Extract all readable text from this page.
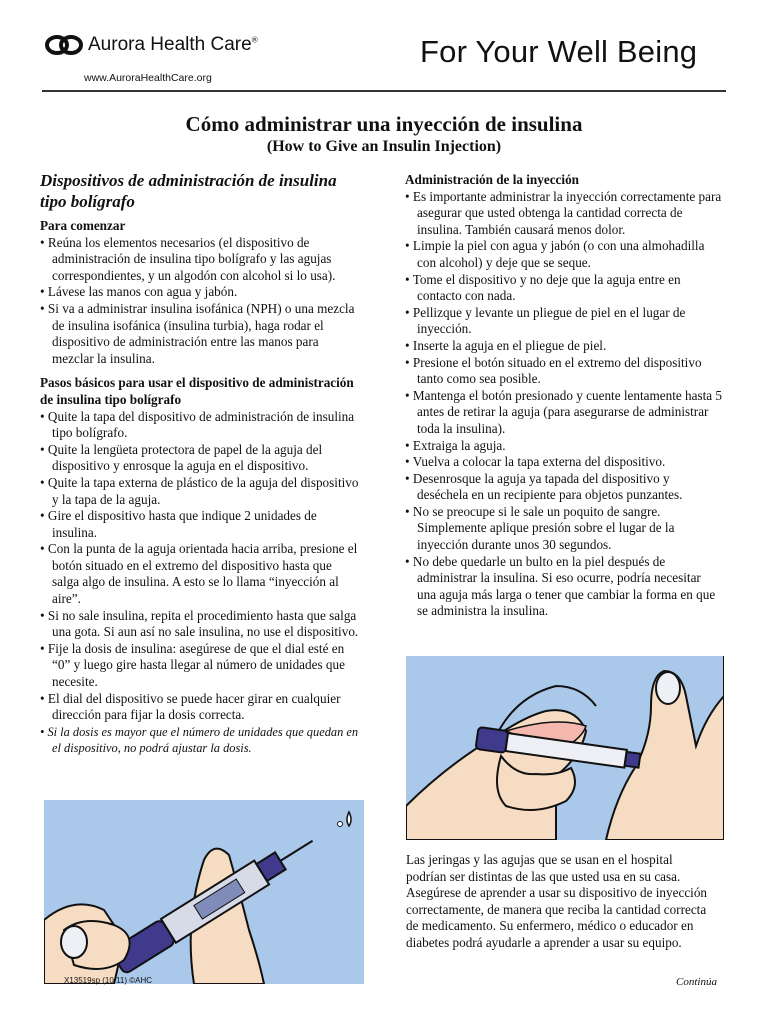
Aurora Health Care®
www.AuroraHealthCare.org
For Your Well Being
Cómo administrar una inyección de insulina
(How to Give an Insulin Injection)
Dispositivos de administración de insulina tipo bolígrafo
Para comenzar
• Reúna los elementos necesarios (el dispositivo de administración de insulina tipo bolígrafo y las agujas correspondientes, y un algodón con alcohol si lo usa).
• Lávese las manos con agua y jabón.
• Si va a administrar insulina isofánica (NPH) o una mezcla de insulina isofánica (insulina turbia), haga rodar el dispositivo de administración entre las manos para mezclar la insulina.
Pasos básicos para usar el dispositivo de administración de insulina tipo bolígrafo
• Quite la tapa del dispositivo de administración de insulina tipo bolígrafo.
• Quite la lengüeta protectora de papel de la aguja del dispositivo y enrosque la aguja en el dispositivo.
• Quite la tapa externa de plástico de la aguja del dispositivo y la tapa de la aguja.
• Gire el dispositivo hasta que indique 2 unidades de insulina.
• Con la punta de la aguja orientada hacia arriba, presione el botón situado en el extremo del dispositivo hasta que salga algo de insulina. A esto se lo llama “inyección al aire”.
• Si no sale insulina, repita el procedimiento hasta que salga una gota. Si aun así no sale insulina, no use el dispositivo.
• Fije la dosis de insulina: asegúrese de que el dial esté en “0” y luego gire hasta llegar al número de unidades que necesite.
• El dial del dispositivo se puede hacer girar en cualquier dirección para fijar la dosis correcta.
• Si la dosis es mayor que el número de unidades que quedan en el dispositivo, no podrá ajustar la dosis.
Administración de la inyección
• Es importante administrar la inyección correctamente para asegurar que usted obtenga la cantidad correcta de insulina. También causará menos dolor.
• Limpie la piel con agua y jabón (o con una almohadilla con alcohol) y deje que se seque.
• Tome el dispositivo y no deje que la aguja entre en contacto con nada.
• Pellizque y levante un pliegue de piel en el lugar de inyección.
• Inserte la aguja en el pliegue de piel.
• Presione el botón situado en el extremo del dispositivo tanto como sea posible.
• Mantenga el botón presionado y cuente lentamente hasta 5 antes de retirar la aguja (para asegurarse de administrar toda la insulina).
• Extraiga la aguja.
• Vuelva a colocar la tapa externa del dispositivo.
• Desenrosque la aguja ya tapada del dispositivo y deséchela en un recipiente para objetos punzantes.
• No se preocupe si le sale un poquito de sangre. Simplemente aplique presión sobre el lugar de la inyección durante unos 30 segundos.
• No debe quedarle un bulto en la piel después de administrar la insulina. Si eso ocurre, podría necesitar una aguja más larga o tener que cambiar la forma en que se administra la insulina.
Las jeringas y las agujas que se usan en el hospital podrían ser distintas de las que usted usa en su casa. Asegúrese de aprender a usar su dispositivo de inyección correctamente, de manera que reciba la cantidad correcta de medicamento. Su enfermero, médico o educador en diabetes podrá ayudarle a aprender a usar su equipo.
X13519sp (10/11) ©AHC	Continúa
